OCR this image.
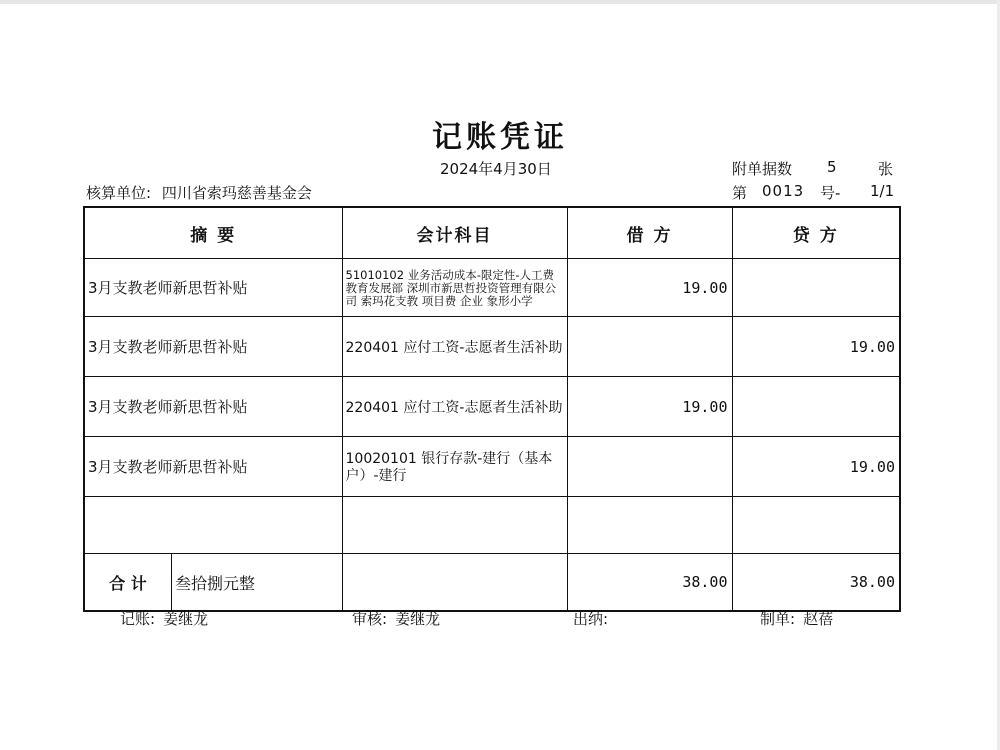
记账凭证
2024年4月30日	附单据数 5	张
核算单位: 四川省索玛慈善基金会	第 0013 号- 1/1
摘 要	会计科目	借 方	贷 方
3月支教老师新思哲补贴	51010102 业务活动成本-限定性-人工费 教育发展部 深圳市新思哲投资管理有限公司 索玛花支教 项目费 企业 象形小学	19.00	
3月支教老师新思哲补贴	220401 应付工资-志愿者生活补助		19.00
3月支教老师新思哲补贴	220401 应付工资-志愿者生活补助	19.00	
3月支教老师新思哲补贴	10020101 银行存款-建行（基本户）-建行		19.00

合 计 叁拾捌元整		38.00	38.00
记账: 姜继龙	审核: 姜继龙	出纳:	制单: 赵蓓
